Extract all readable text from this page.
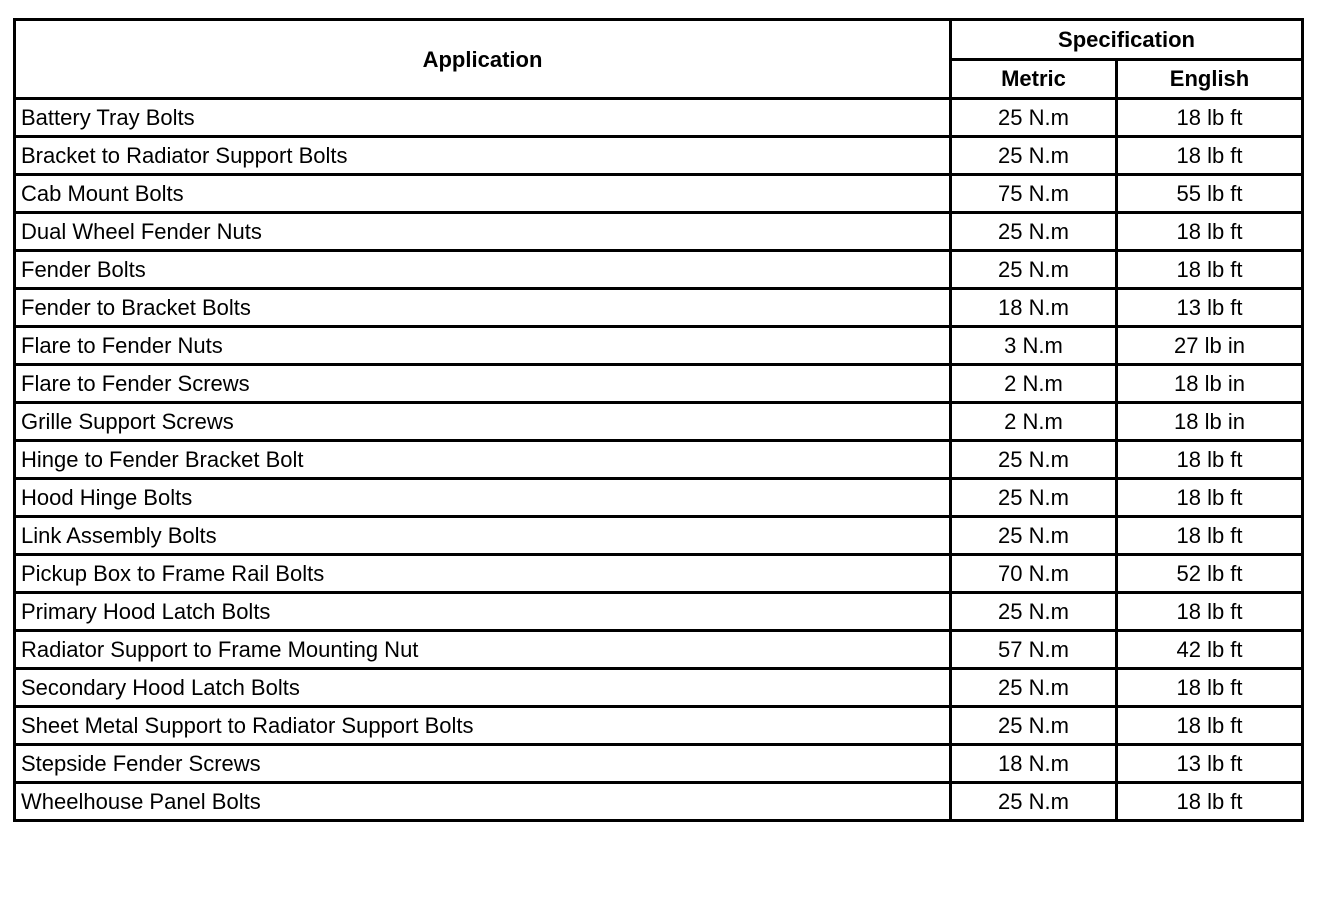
Application	Specification	
	Metric	English
Battery Tray Bolts	25 N.m	18 lb ft
Bracket to Radiator Support Bolts	25 N.m	18 lb ft
Cab Mount Bolts	75 N.m	55 lb ft
Dual Wheel Fender Nuts	25 N.m	18 lb ft
Fender Bolts	25 N.m	18 lb ft
Fender to Bracket Bolts	18 N.m	13 lb ft
Flare to Fender Nuts	3 N.m	27 lb in
Flare to Fender Screws	2 N.m	18 lb in
Grille Support Screws	2 N.m	18 lb in
Hinge to Fender Bracket Bolt	25 N.m	18 lb ft
Hood Hinge Bolts	25 N.m	18 lb ft
Link Assembly Bolts	25 N.m	18 lb ft
Pickup Box to Frame Rail Bolts	70 N.m	52 lb ft
Primary Hood Latch Bolts	25 N.m	18 lb ft
Radiator Support to Frame Mounting Nut	57 N.m	42 lb ft
Secondary Hood Latch Bolts	25 N.m	18 lb ft
Sheet Metal Support to Radiator Support Bolts	25 N.m	18 lb ft
Stepside Fender Screws	18 N.m	13 lb ft
Wheelhouse Panel Bolts	25 N.m	18 lb ft
